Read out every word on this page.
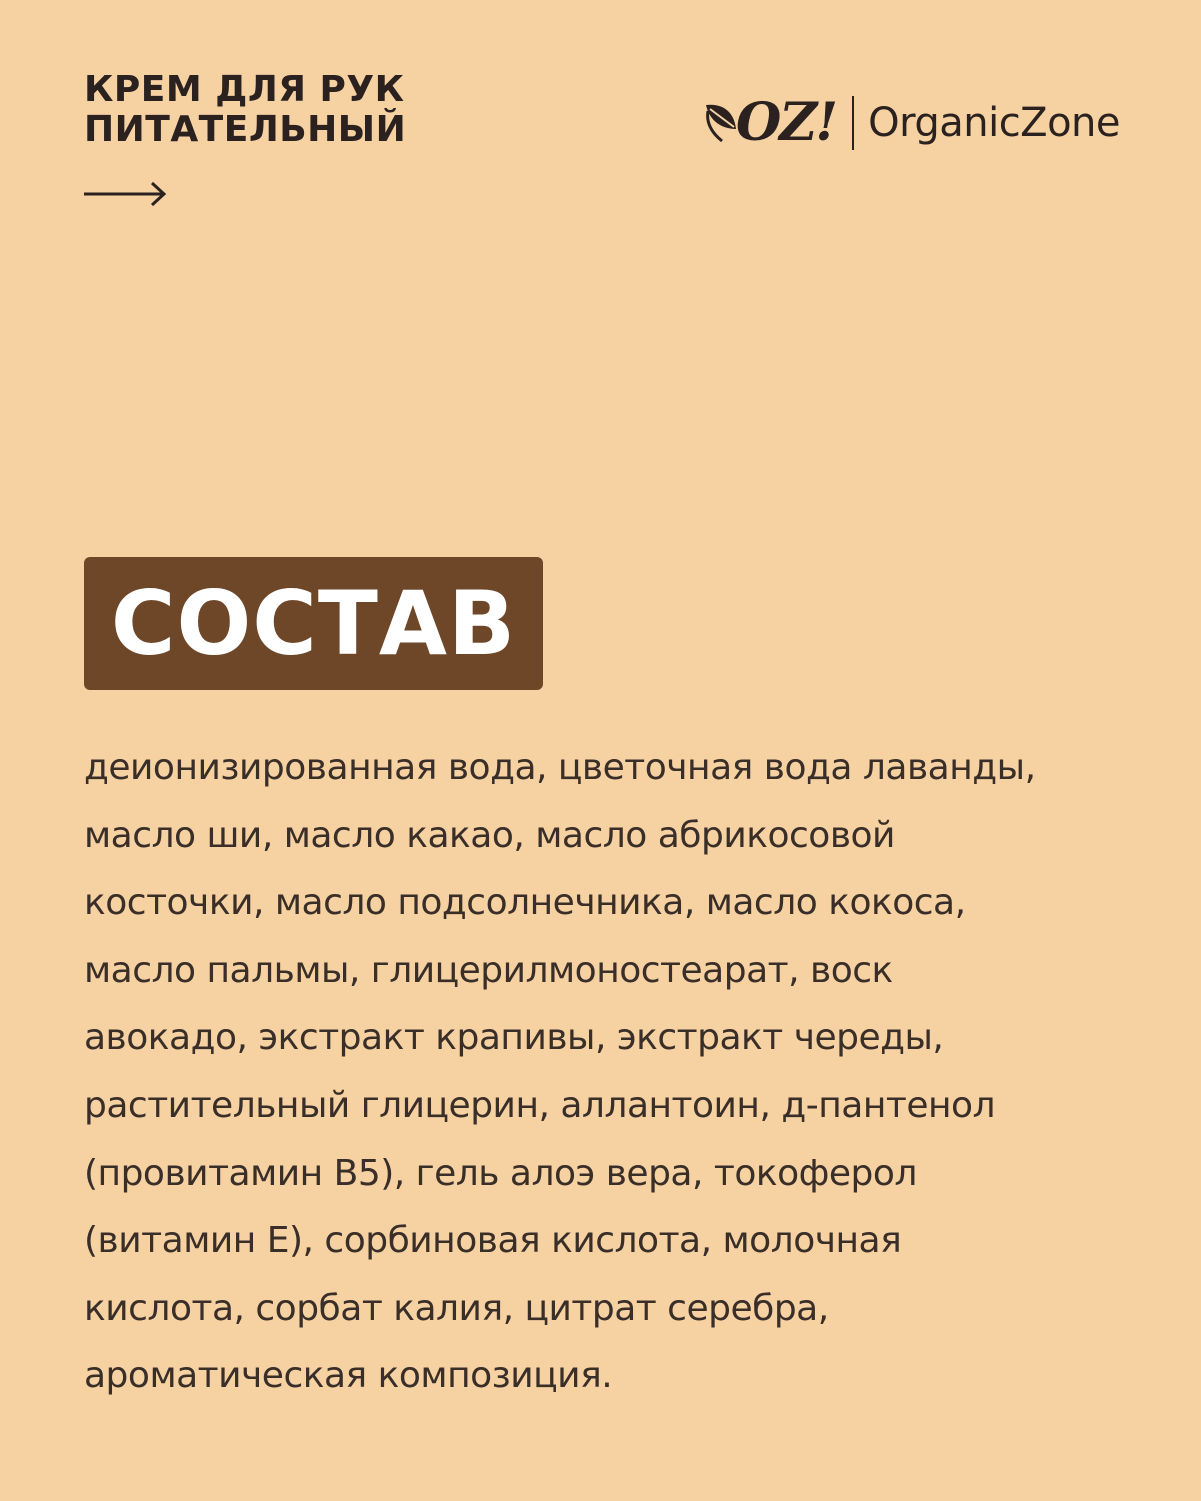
КРЕМ ДЛЯ РУК
ПИТАТЕЛЬНЫЙ	OZ! OrganicZone
СОСТАВ
деионизированная вода, цветочная вода лаванды,
масло ши, масло какао, масло абрикосовой
косточки, масло подсолнечника, масло кокоса,
масло пальмы, глицерилмоностеарат, воск
авокадо, экстракт крапивы, экстракт череды,
растительный глицерин, аллантоин, д-пантенол
(провитамин В5), гель алоэ вера, токоферол
(витамин Е), сорбиновая кислота, молочная
кислота, сорбат калия, цитрат серебра,
ароматическая композиция.
